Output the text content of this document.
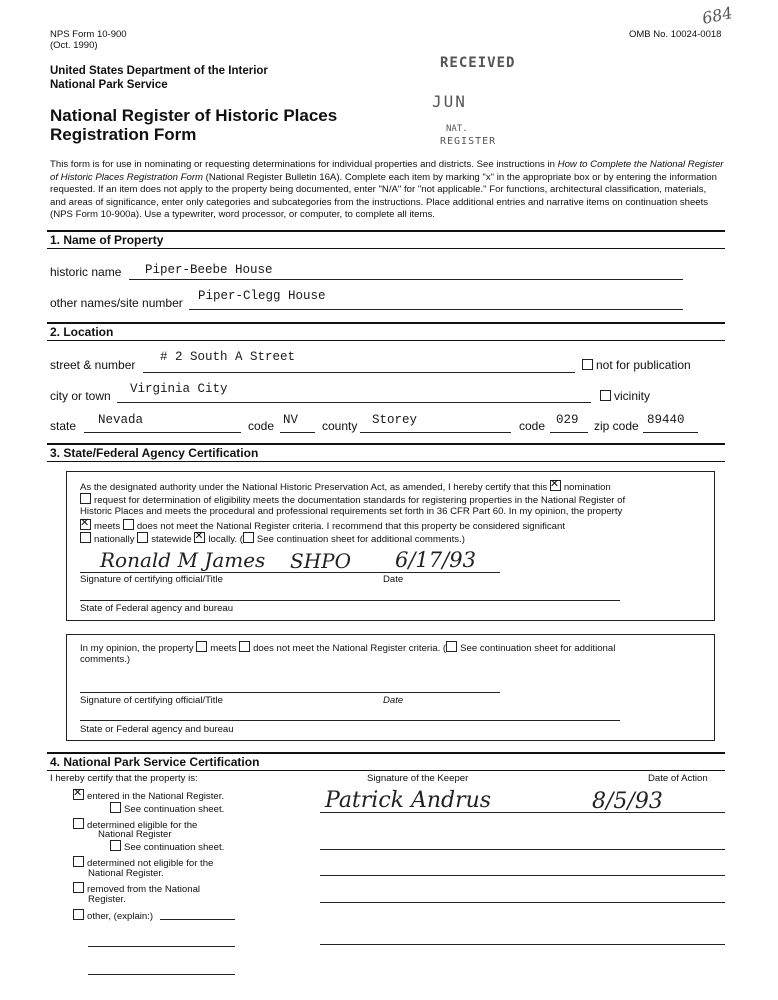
NPS Form 10-900
(Oct. 1990)
OMB No. 10024-0018
684
United States Department of the Interior
National Park Service
National Register of Historic Places
Registration Form
RECEIVED
JUN
NAT.
REGISTER
This form is for use in nominating or requesting determinations for individual properties and districts. See instructions in How to Complete the National Register of Historic Places Registration Form (National Register Bulletin 16A). Complete each item by marking "x" in the appropriate box or by entering the information requested. If an item does not apply to the property being documented, enter "N/A" for "not applicable." For functions, architectural classification, materials, and areas of significance, enter only categories and subcategories from the instructions. Place additional entries and narrative items on continuation sheets (NPS Form 10-900a). Use a typewriter, word processor, or computer, to complete all items.
1. Name of Property
historic name Piper-Beebe House
other names/site number Piper-Clegg House
2. Location
street & number
# 2 South A Street
not for publication
city or town Virginia City	vicinity
state Nevada	code NV county Storey	code 029 zip code 89440
3. State/Federal Agency Certification
As the designated authority under the National Historic Preservation Act, as amended, I hereby certify that this ✕ nomination
request for determination of eligibility meets the documentation standards for registering properties in the National Register of
Historic Places and meets the procedural and professional requirements set forth in 36 CFR Part 60. In my opinion, the property
✕meets does not meet the National Register criteria. I recommend that this property be considered significant
nationally statewide ✕ locally. ( See continuation sheet for additional comments.)
Ronald M James SHPO 6/17/93
Signature of certifying official/Title	Date
State of Federal agency and bureau
In my opinion, the property meets does not meet the National Register criteria. ( See continuation sheet for additional
comments.)
Signature of certifying official/Title	Date
State or Federal agency and bureau
4. National Park Service Certification
I hereby certify that the property is:	Signature of the Keeper	Date of Action
✕entered in the National Register.
See continuation sheet.
determined eligible for the
National Register
See continuation sheet.
determined not eligible for the
National Register.
removed from the National
Register.
other, (explain:)
Patrick Andrus	8/5/93
